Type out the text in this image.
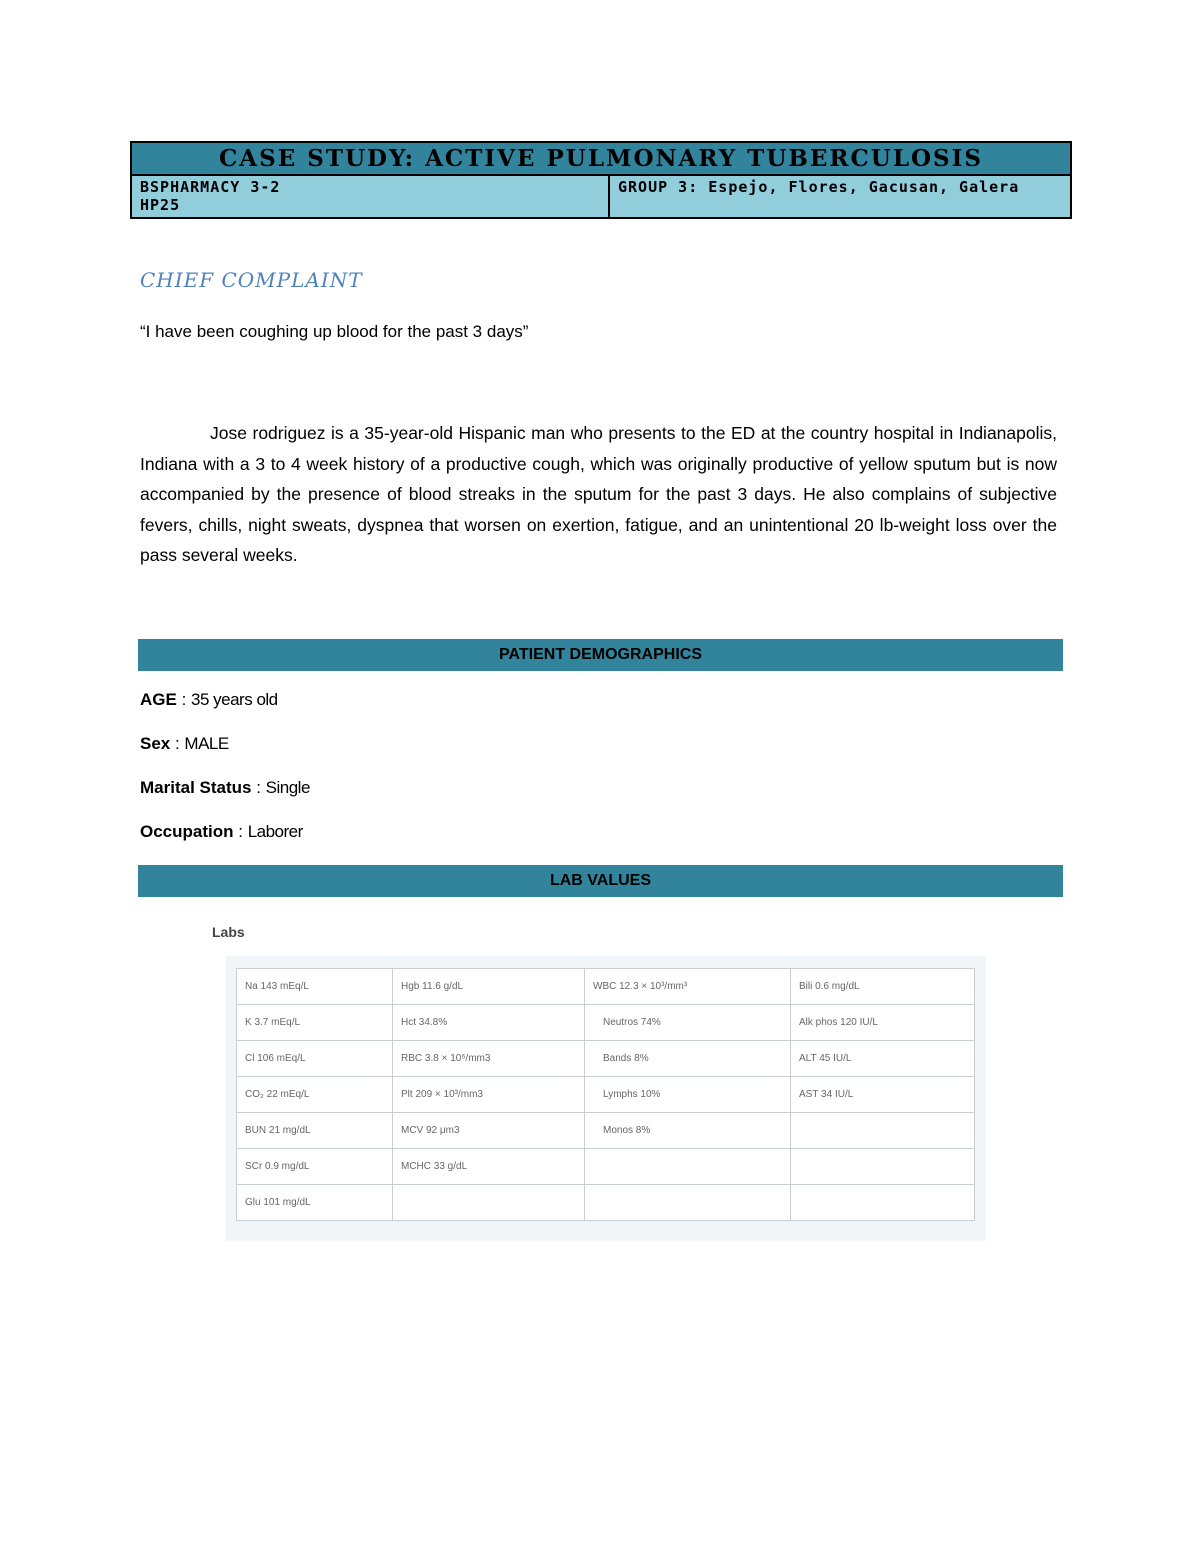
CASE STUDY: ACTIVE PULMONARY TUBERCULOSIS
BSPHARMACY 3-2
HP25
GROUP 3: Espejo, Flores, Gacusan, Galera
CHIEF COMPLAINT
“I have been coughing up blood for the past 3 days”

Jose rodriguez is a 35-year-old Hispanic man who presents to the ED at the country hospital in Indianapolis, Indiana with a 3 to 4 week history of a productive cough, which was originally productive of yellow sputum but is now accompanied by the presence of blood streaks in the sputum for the past 3 days. He also complains of subjective fevers, chills, night sweats, dyspnea that worsen on exertion, fatigue, and an unintentional 20 lb-weight loss over the pass several weeks.

PATIENT DEMOGRAPHICS
AGE : 35 years old
Sex : MALE
Marital Status : Single
Occupation : Laborer
LAB VALUES
Labs
Na 143 mEq/L	Hgb 11.6 g/dL	WBC 12.3 × 10³/mm³	Bili 0.6 mg/dL
K 3.7 mEq/L	Hct 34.8%	Neutros 74%	Alk phos 120 IU/L
Cl 106 mEq/L	RBC 3.8 × 10⁶/mm3	Bands 8%	ALT 45 IU/L
CO₂ 22 mEq/L	Plt 209 × 10³/mm3	Lymphs 10%	AST 34 IU/L
BUN 21 mg/dL	MCV 92 μm3	Monos 8%	
SCr 0.9 mg/dL	MCHC 33 g/dL		
Glu 101 mg/dL			
